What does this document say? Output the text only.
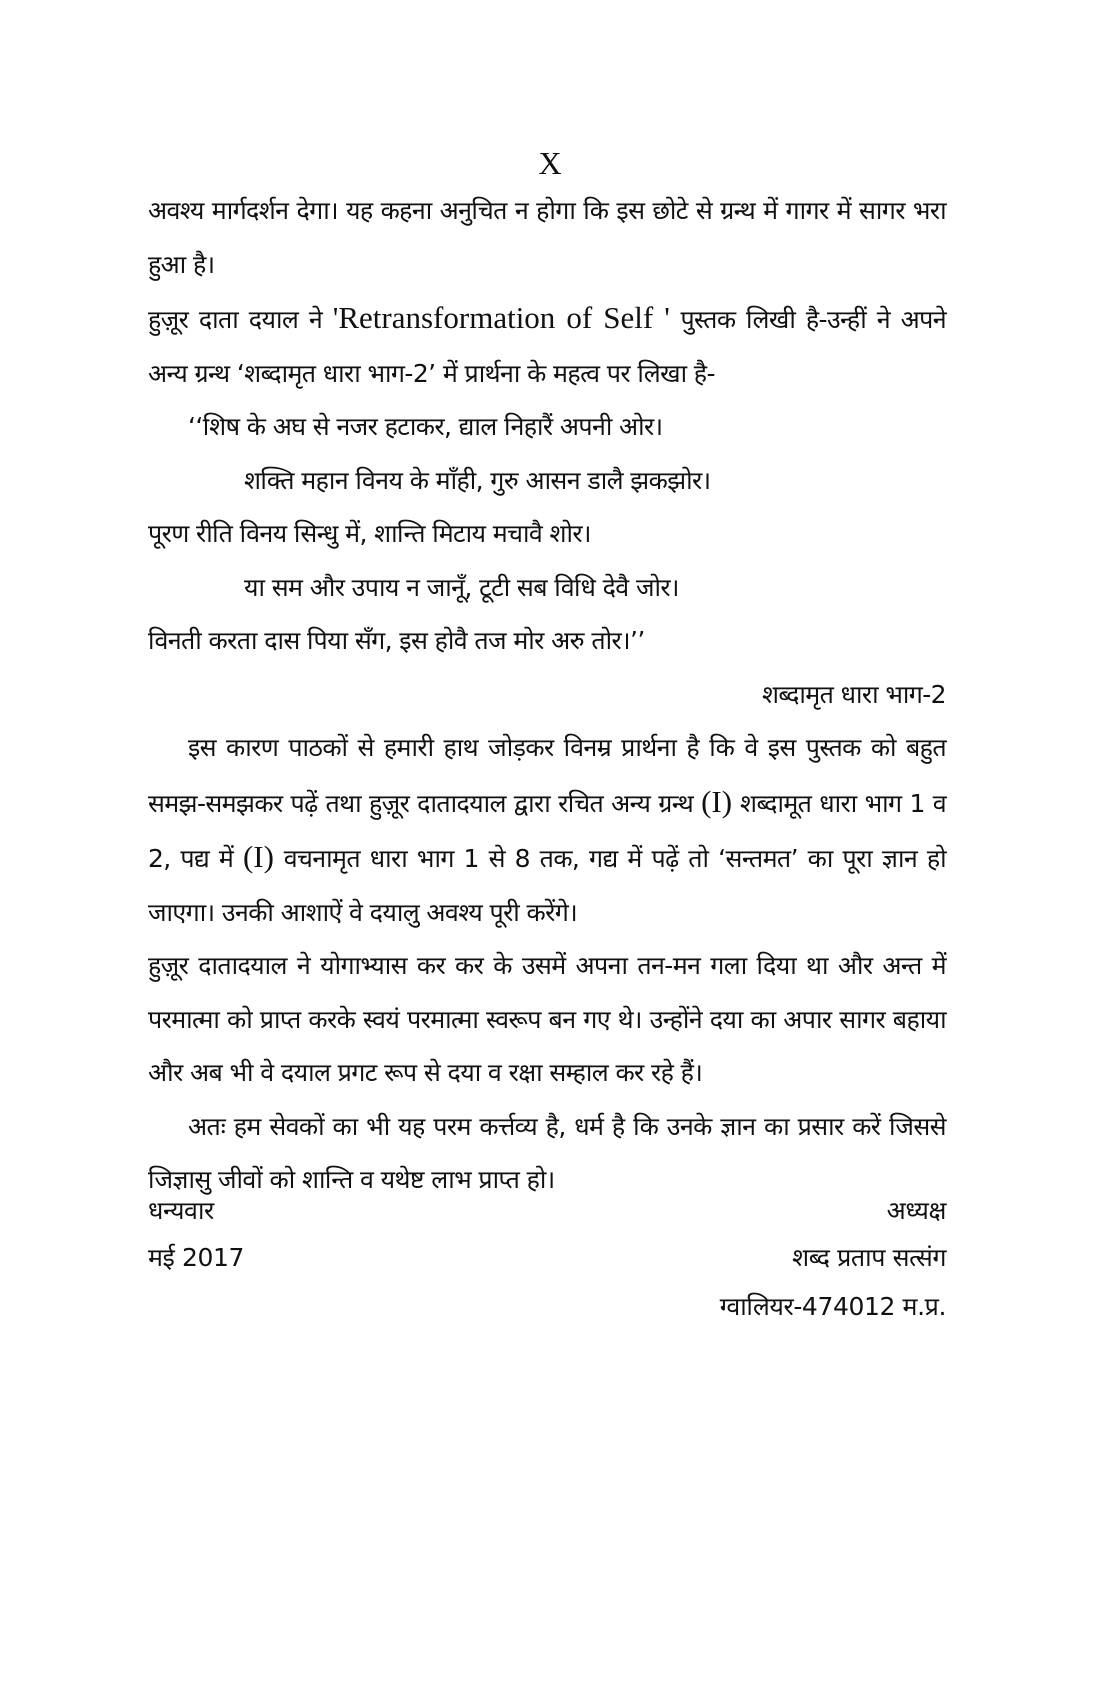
X

अवश्य मार्गदर्शन देगा। यह कहना अनुचित न होगा कि इस छोटे से ग्रन्थ में गागर में सागर भरा हुआ है।

हुज़ूर दाता दयाल ने 'Retransformation of Self ' पुस्तक लिखी है-उन्हीं ने अपने अन्य ग्रन्थ ‘शब्दामृत धारा भाग-2’ में प्रार्थना के महत्व पर लिखा है-

‘‘शिष के अघ से नजर हटाकर, द्याल निहारैं अपनी ओर।

शक्ति महान विनय के माँही, गुरु आसन डालै झकझोर।

पूरण रीति विनय सिन्धु में, शान्ति मिटाय मचावै शोर।

या सम और उपाय न जानूँ, टूटी सब विधि देवै जोर।

विनती करता दास पिया सँग, इस होवै तज मोर अरु तोर।’’

शब्दामृत धारा भाग-2

इस कारण पाठकों से हमारी हाथ जोड़कर विनम्र प्रार्थना है कि वे इस पुस्तक को बहुत समझ-समझकर पढ़ें तथा हुज़ूर दातादयाल द्वारा रचित अन्य ग्रन्थ (I) शब्दामूत धारा भाग 1 व 2, पद्य में (I) वचनामृत धारा भाग 1 से 8 तक, गद्य में पढ़ें तो ‘सन्तमत’ का पूरा ज्ञान हो जाएगा। उनकी आशाऐं वे दयालु अवश्य पूरी करेंगे।

हुज़ूर दातादयाल ने योगाभ्यास कर कर के उसमें अपना तन-मन गला दिया था और अन्त में परमात्मा को प्राप्त करके स्वयं परमात्मा स्वरूप बन गए थे। उन्होंने दया का अपार सागर बहाया और अब भी वे दयाल प्रगट रूप से दया व रक्षा सम्हाल कर रहे हैं।

अतः हम सेवकों का भी यह परम कर्त्तव्य है, धर्म है कि उनके ज्ञान का प्रसार करें जिससे जिज्ञासु जीवों को शान्ति व यथेष्ट लाभ प्राप्त हो।

धन्यवार	अध्यक्ष
मई 2017	शब्द प्रताप सत्संग
ग्वालियर-474012 म.प्र.
